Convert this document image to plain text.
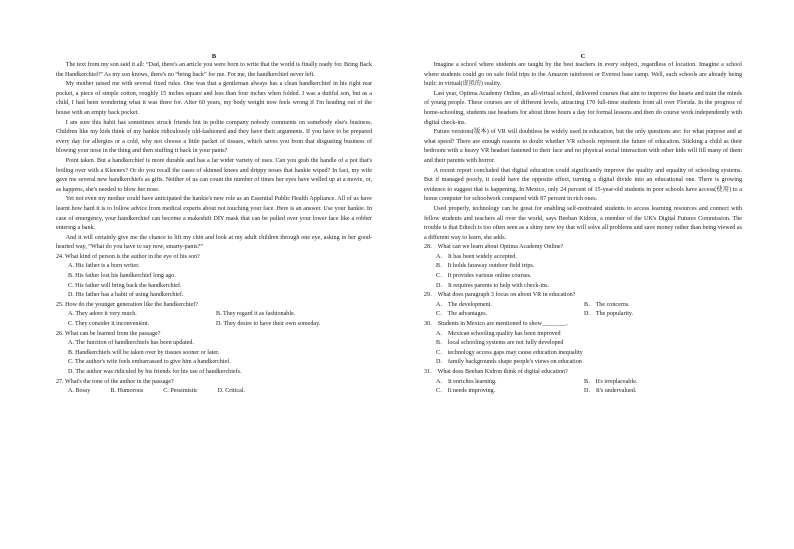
B

The text from my son said it all: “Dad, there's an article you were born to write that the world is finally ready for. Bring Back the Handkerchief!” As my son knows, there's no “bring back” for me. For me, the handkerchief never left.

My mother raised me with several fixed rules. One was that a gentleman always has a clean handkerchief in his right rear pocket, a piece of simple cotton, roughly 15 inches square and less than four inches when folded. I was a dutiful son, but as a child, I had been wondering what it was there for. After 60 years, my body weight now feels wrong if I'm heading out of the house with an empty back pocket.

I am sure this habit has sometimes struck friends but in polite company nobody comments on somebody else's business. Children like my kids think of my hankie ridiculously old-fashioned and they have their arguments. If you have to be prepared every day for allergies or a cold, why not choose a little packet of tissues, which saves you from that disgusting business of blowing your nose in the thing and then stuffing it back in your pants?

Point taken. But a handkerchief is more durable and has a far wider variety of uses. Can you grab the handle of a pot that's boiling over with a Kleenex? Or do you recall the cases of skinned knees and drippy noses that hankie wiped? In fact, my wife gave me several new handkerchiefs as gifts. Neither of us can count the number of times her eyes have welled up at a movie, or, as happens, she's needed to blow her nose.

Yet not even my mother could have anticipated the hankie's new role as an Essential Public Health Appliance. All of us have learnt how hard it is to follow advice from medical experts about not touching your face. Here is an answer. Use your hankie. In case of emergency, your handkerchief can become a makeshift DIY mask that can be pulled over your lower face like a robber entering a bank.

And it will certainly give me the chance to lift my chin and look at my adult children through one eye, asking in her good-hearted way, “What do you have to say now, smarty-pants?”

24. What kind of person is the author in the eye of his son?
A. His father is a born writer.
B. His father lost his handkerchief long ago.
C. His father will bring back the handkerchief.
D. His father has a habit of using handkerchief.
25. How do the younger generation like the handkerchief?
A. They adore it very much.	B. They regard it as fashionable.
C. They consider it inconvenient.	D. They desire to have their own someday.
26. What can be learned from the passage?
A. The function of handkerchiefs has been updated.
B. Handkerchiefs will be taken over by tissues sooner or later.
C. The author's wife feels embarrassed to give him a handkerchief.
D. The author was ridiculed by his friends for his use of handkerchiefs.
27. What's the tone of the author in the passage?
A. Bossy	B. Humorous	C. Pessimistic	D. Critical.
C

Imagine a school where students are taught by the best teachers in every subject, regardless of location. Imagine a school where students could go on safe field trips to the Amazon rainforest or Everest base camp. Well, such schools are already being built: in virtual(虚拟的) reality.

Last year, Optima Academy Online, an all-virtual school, delivered courses that aim to improve the hearts and train the minds of young people. These courses are of different levels, attracting 170 full-time students from all over Florida. In the progress of home-schooling, students use headsets for about three hours a day for formal lessons and then do course work independently with digital check-ins.

Future versions(版本) of VR will doubtless be widely used in education, but the only questions are: for what purpose and at what speed? There are enough reasons to doubt whether VR schools represent the future of education. Sticking a child as their bedroom with a heavy VR headset fastened to their face and no physical social interaction with other kids will fill many of them and their parents with horror.

A recent report concluded that digital education could significantly improve the quality and equality of schooling systems. But if managed poorly, it could have the opposite effect, turning a digital divide into an educational one. There is growing evidence to suggest that is happening. In Mexico, only 24 percent of 15-year-old students in poor schools have access(使用) to a home computer for schoolwork compared with 87 percent in rich ones.

Used properly, technology can be great for enabling self-motivated students to access learning resources and connect with fellow students and teachers all over the world, says Beeban Kidron, a member of the UK's Digital Futures Commission. The trouble is that Edtech is too often seen as a shiny new toy that will solve all problems and save money rather than being viewed as a different way to learn, she adds.

28． What can we learn about Optima Academy Online?
A． It has been widely accepted.
B． It holds faraway outdoor field trips.
C． It provides various online courses.
D． It requires parents to help with check-ins.
29． What does paragraph 3 focus on about VR in education?
A． The development.	B． The concerns.
C． The advantages.	D． The popularity.
30． Students in Mexico are mentioned to show________.
A． Mexican schooling quality has been improved
B． local schooling systems are not fully developed
C． technology access gaps may cause education inequality
D． family backgrounds shape people's views on education
31． What does Beeban Kidron think of digital education?
A． It enriches learning.	B． It's irreplaceable.
C． It needs improving.	D． It's undervalued.
